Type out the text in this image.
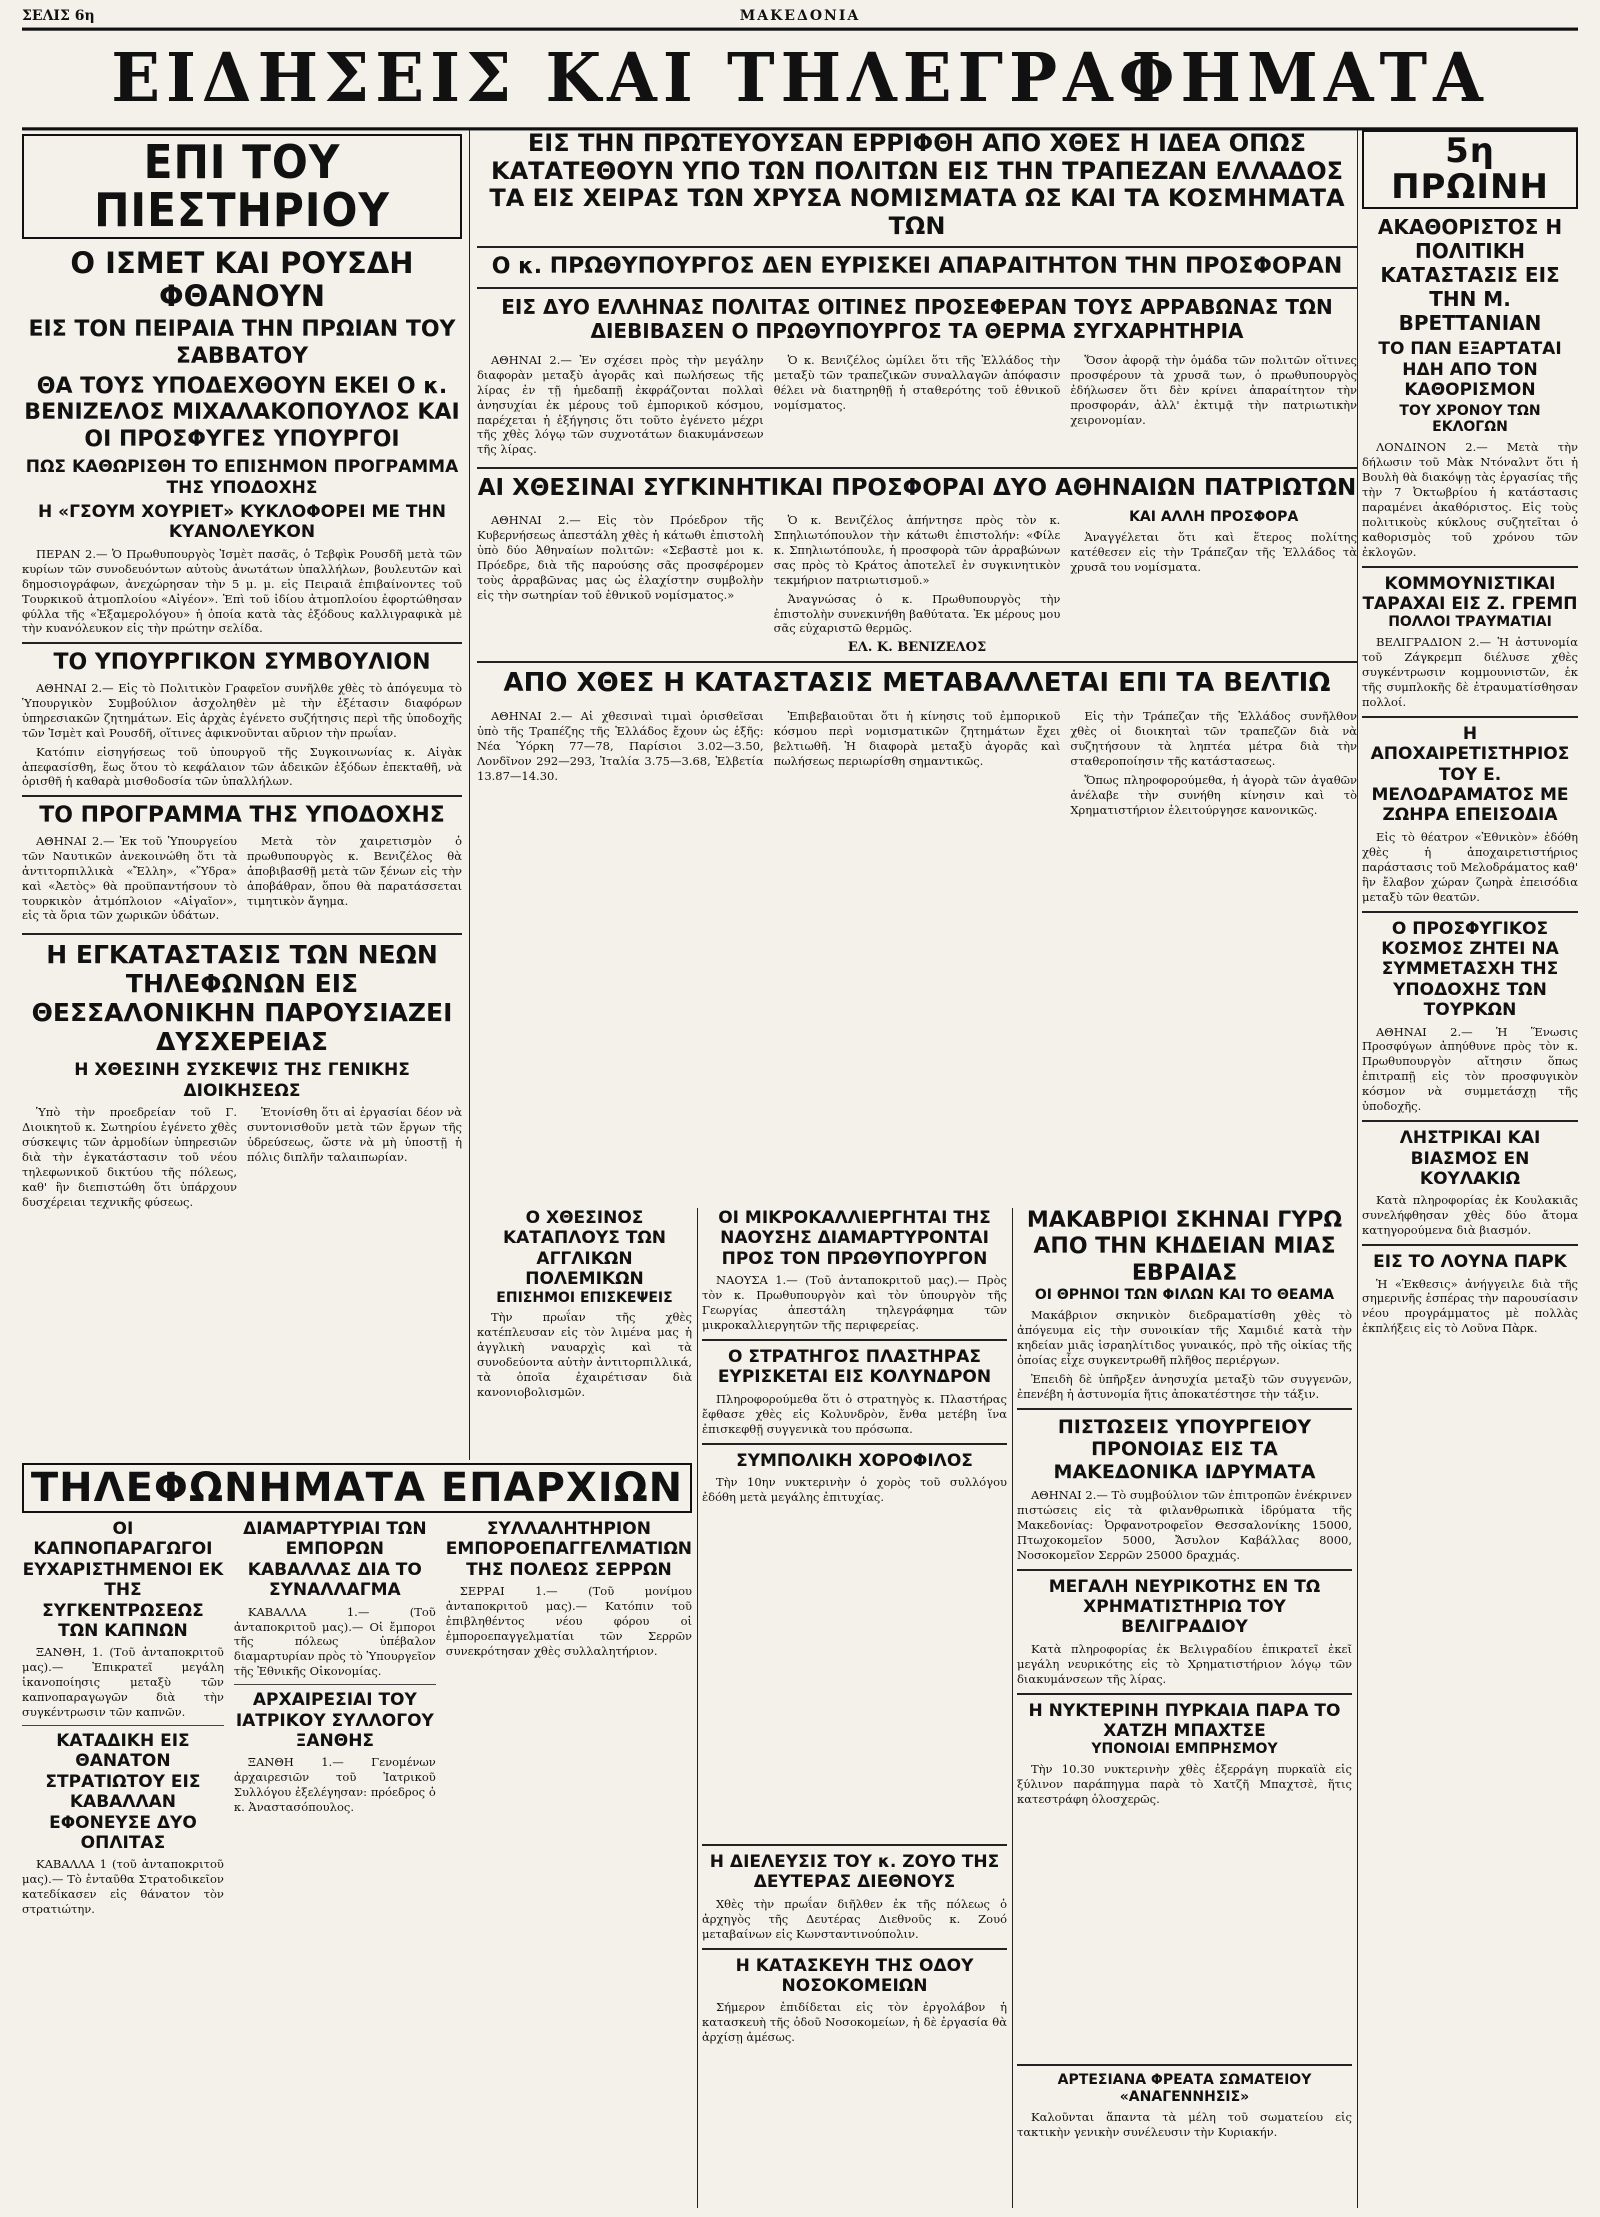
ΣΕΛΙΣ 6η	ΜΑΚΕΔΟΝΙΑ
ΕΙΔΗΣΕΙΣ ΚΑΙ ΤΗΛΕΓΡΑΦΗΜΑΤΑ
ΕΠΙ ΤΟΥ ΠΙΕΣΤΗΡΙΟΥ
Ο ΙΣΜΕΤ ΚΑΙ ΡΟΥΣΔΗ ΦΘΑΝΟΥΝ
ΕΙΣ ΤΟΝ ΠΕΙΡΑΙΑ ΤΗΝ ΠΡΩΙΑΝ ΤΟΥ ΣΑΒΒΑΤΟΥ
ΘΑ ΤΟΥΣ ΥΠΟΔΕΧΘΟΥΝ ΕΚΕΙ Ο κ. ΒΕΝΙΖΕΛΟΣ ΜΙΧΑΛΑΚΟΠΟΥΛΟΣ ΚΑΙ ΟΙ ΠΡΟΣΦΥΓΕΣ ΥΠΟΥΡΓΟΙ
ΠΩΣ ΚΑΘΩΡΙΣΘΗ ΤΟ ΕΠΙΣΗΜΟΝ ΠΡΟΓΡΑΜΜΑ ΤΗΣ ΥΠΟΔΟΧΗΣ
Η «ΓΣΟΥΜ ΧΟΥΡΙΕΤ» ΚΥΚΛΟΦΟΡΕΙ ΜΕ ΤΗΝ ΚΥΑΝΟΛΕΥΚΟΝ

ΠΕΡΑΝ 2.— Ὁ Πρωθυπουργὸς Ἰσμὲτ πασᾶς, ὁ Τεβφὶκ Ρουσδῆ μετὰ τῶν κυρίων τῶν συνοδευόντων αὐτοὺς ἀνωτάτων ὑπαλλήλων, βουλευτῶν καὶ δημοσιογράφων, ἀνεχώρησαν τὴν 5 μ. μ. εἰς Πειραιᾶ ἐπιβαίνοντες τοῦ Τουρκικοῦ ἀτμοπλοίου «Αἰγέον». Ἐπὶ τοῦ ἰδίου ἀτμοπλοίου ἐφορτώθησαν φύλλα τῆς «Ἐξαμερολόγου» ἡ ὁποία κατὰ τὰς ἐξόδους καλλιγραφικὰ μὲ τὴν κυανόλευκον εἰς τὴν πρώτην σελίδα.

ΤΟ ΥΠΟΥΡΓΙΚΟΝ ΣΥΜΒΟΥΛΙΟΝ

ΑΘΗΝΑΙ 2.— Εἰς τὸ Πολιτικὸν Γραφεῖον συνῆλθε χθὲς τὸ ἀπόγευμα τὸ Ὑπουργικὸν Συμβούλιον ἀσχοληθὲν μὲ τὴν ἐξέτασιν διαφόρων ὑπηρεσιακῶν ζητημάτων. Εἰς ἀρχὰς ἐγένετο συζήτησις περὶ τῆς ὑποδοχῆς τῶν Ἰσμὲτ καὶ Ρουσδῆ, οἵτινες ἀφικνοῦνται αὔριον τὴν πρωΐαν.

Κατόπιν εἰσηγήσεως τοῦ ὑπουργοῦ τῆς Συγκοινωνίας κ. Αἰγὰκ ἀπεφασίσθη, ἕως ὅτου τὸ κεφάλαιον τῶν ἀδεικῶν ἐξόδων ἐπεκταθῆ, νὰ ὁρισθῆ ἡ καθαρὰ μισθοδοσία τῶν ὑπαλλήλων.

ΤΟ ΠΡΟΓΡΑΜΜΑ ΤΗΣ ΥΠΟΔΟΧΗΣ

ΑΘΗΝΑΙ 2.— Ἐκ τοῦ Ὑπουργείου τῶν Ναυτικῶν ἀνεκοινώθη ὅτι τὰ ἀντιτορπιλλικὰ «Ἔλλη», «Ὕδρα» καὶ «Ἀετὸς» θὰ προϋπαντήσουν τὸ τουρκικὸν ἀτμόπλοιον «Αἰγαῖον», εἰς τὰ ὅρια τῶν χωρικῶν ὑδάτων.

Μετὰ τὸν χαιρετισμὸν ὁ πρωθυπουργὸς κ. Βενιζέλος θὰ ἀποβιβασθῇ μετὰ τῶν ξένων εἰς τὴν ἀποβάθραν, ὅπου θὰ παρατάσσεται τιμητικὸν ἄγημα.

Η ΕΓΚΑΤΑΣΤΑΣΙΣ ΤΩΝ ΝΕΩΝ ΤΗΛΕΦΩΝΩΝ ΕΙΣ ΘΕΣΣΑΛΟΝΙΚΗΝ ΠΑΡΟΥΣΙΑΖΕΙ ΔΥΣΧΕΡΕΙΑΣ
Η ΧΘΕΣΙΝΗ ΣΥΣΚΕΨΙΣ ΤΗΣ ΓΕΝΙΚΗΣ ΔΙΟΙΚΗΣΕΩΣ

Ὑπὸ τὴν προεδρείαν τοῦ Γ. Διοικητοῦ κ. Σωτηρίου ἐγένετο χθὲς σύσκεψις τῶν ἀρμοδίων ὑπηρεσιῶν διὰ τὴν ἐγκατάστασιν τοῦ νέου τηλεφωνικοῦ δικτύου τῆς πόλεως, καθ' ἣν διεπιστώθη ὅτι ὑπάρχουν δυσχέρειαι τεχνικῆς φύσεως.

Ἐτονίσθη ὅτι αἱ ἐργασίαι δέον νὰ συντονισθοῦν μετὰ τῶν ἔργων τῆς ὑδρεύσεως, ὥστε νὰ μὴ ὑποστῇ ἡ πόλις διπλῆν ταλαιπωρίαν.

ΤΗΛΕΦΩΝΗΜΑΤΑ ΕΠΑΡΧΙΩΝ
ΟΙ ΚΑΠΝΟΠΑΡΑΓΩΓΟΙ ΕΥΧΑΡΙΣΤΗΜΕΝΟΙ ΕΚ ΤΗΣ ΣΥΓΚΕΝΤΡΩΣΕΩΣ ΤΩΝ ΚΑΠΝΩΝ

ΞΑΝΘΗ, 1. (Τοῦ ἀνταποκριτοῦ μας).— Ἐπικρατεῖ μεγάλη ἱκανοποίησις μεταξὺ τῶν καπνοπαραγωγῶν διὰ τὴν συγκέντρωσιν τῶν καπνῶν.

ΚΑΤΑΔΙΚΗ ΕΙΣ ΘΑΝΑΤΟΝ ΣΤΡΑΤΙΩΤΟΥ ΕΙΣ ΚΑΒΑΛΛΑΝ
ΕΦΟΝΕΥΣΕ ΔΥΟ ΟΠΛΙΤΑΣ

ΚΑΒΑΛΛΑ 1 (τοῦ ἀνταποκριτοῦ μας).— Τὸ ἐνταῦθα Στρατοδικεῖον κατεδίκασεν εἰς θάνατον τὸν στρατιώτην.

ΔΙΑΜΑΡΤΥΡΙΑΙ ΤΩΝ ΕΜΠΟΡΩΝ ΚΑΒΑΛΛΑΣ ΔΙΑ ΤΟ ΣΥΝΑΛΛΑΓΜΑ

ΚΑΒΑΛΛΑ 1.— (Τοῦ ἀνταποκριτοῦ μας).— Οἱ ἔμποροι τῆς πόλεως ὑπέβαλον διαμαρτυρίαν πρὸς τὸ Ὑπουργεῖον τῆς Ἐθνικῆς Οἰκονομίας.

ΑΡΧΑΙΡΕΣΙΑΙ ΤΟΥ ΙΑΤΡΙΚΟΥ ΣΥΛΛΟΓΟΥ ΞΑΝΘΗΣ

ΞΑΝΘΗ 1.— Γενομένων ἀρχαιρεσιῶν τοῦ Ἰατρικοῦ Συλλόγου ἐξελέγησαν: πρόεδρος ὁ κ. Ἀναστασόπουλος.

ΣΥΛΛΑΛΗΤΗΡΙΟΝ ΕΜΠΟΡΟΕΠΑΓΓΕΛΜΑΤΙΩΝ ΤΗΣ ΠΟΛΕΩΣ ΣΕΡΡΩΝ

ΣΕΡΡΑΙ 1.— (Τοῦ μονίμου ἀνταποκριτοῦ μας).— Κατόπιν τοῦ ἐπιβληθέντος νέου φόρου οἱ ἐμποροεπαγγελματίαι τῶν Σερρῶν συνεκρότησαν χθὲς συλλαλητήριον.

ΕΙΣ ΤΗΝ ΠΡΩΤΕΥΟΥΣΑΝ ΕΡΡΙΦΘΗ ΑΠΟ ΧΘΕΣ Η ΙΔΕΑ ΟΠΩΣ ΚΑΤΑΤΕΘΟΥΝ ΥΠΟ ΤΩΝ ΠΟΛΙΤΩΝ ΕΙΣ ΤΗΝ ΤΡΑΠΕΖΑΝ ΕΛΛΑΔΟΣ ΤΑ ΕΙΣ ΧΕΙΡΑΣ ΤΩΝ ΧΡΥΣΑ ΝΟΜΙΣΜΑΤΑ ΩΣ ΚΑΙ ΤΑ ΚΟΣΜΗΜΑΤΑ ΤΩΝ
Ο κ. ΠΡΩΘΥΠΟΥΡΓΟΣ ΔΕΝ ΕΥΡΙΣΚΕΙ ΑΠΑΡΑΙΤΗΤΟΝ ΤΗΝ ΠΡΟΣΦΟΡΑΝ
ΕΙΣ ΔΥΟ ΕΛΛΗΝΑΣ ΠΟΛΙΤΑΣ ΟΙΤΙΝΕΣ ΠΡΟΣΕΦΕΡΑΝ ΤΟΥΣ ΑΡΡΑΒΩΝΑΣ ΤΩΝ ΔΙΕΒΙΒΑΣΕΝ Ο ΠΡΩΘΥΠΟΥΡΓΟΣ ΤΑ ΘΕΡΜΑ ΣΥΓΧΑΡΗΤΗΡΙΑ

ΑΘΗΝΑΙ 2.— Ἐν σχέσει πρὸς τὴν μεγάλην διαφορὰν μεταξὺ ἀγορᾶς καὶ πωλήσεως τῆς λίρας ἐν τῇ ἡμεδαπῇ ἐκφράζονται πολλαὶ ἀνησυχίαι ἐκ μέρους τοῦ ἐμπορικοῦ κόσμου, παρέχεται ἡ ἐξήγησις ὅτι τοῦτο ἐγένετο μέχρι τῆς χθὲς λόγῳ τῶν συχνοτάτων διακυμάνσεων τῆς λίρας.

Ὁ κ. Βενιζέλος ὡμίλει ὅτι τῆς Ἑλλάδος τὴν μεταξὺ τῶν τραπεζικῶν συναλλαγῶν ἀπόφασιν θέλει νὰ διατηρηθῇ ἡ σταθερότης τοῦ ἐθνικοῦ νομίσματος.

Ὅσον ἀφορᾷ τὴν ὁμάδα τῶν πολιτῶν οἵτινες προσφέρουν τὰ χρυσᾶ των, ὁ πρωθυπουργὸς ἐδήλωσεν ὅτι δὲν κρίνει ἀπαραίτητον τὴν προσφοράν, ἀλλ' ἐκτιμᾷ τὴν πατριωτικὴν χειρονομίαν.

ΑΙ ΧΘΕΣΙΝΑΙ ΣΥΓΚΙΝΗΤΙΚΑΙ ΠΡΟΣΦΟΡΑΙ ΔΥΟ ΑΘΗΝΑΙΩΝ ΠΑΤΡΙΩΤΩΝ

ΑΘΗΝΑΙ 2.— Εἰς τὸν Πρόεδρον τῆς Κυβερνήσεως ἀπεστάλη χθὲς ἡ κάτωθι ἐπιστολὴ ὑπὸ δύο Ἀθηναίων πολιτῶν: «Σεβαστὲ μοι κ. Πρόεδρε, διὰ τῆς παρούσης σᾶς προσφέρομεν τοὺς ἀρραβῶνας μας ὡς ἐλαχίστην συμβολὴν εἰς τὴν σωτηρίαν τοῦ ἐθνικοῦ νομίσματος.»

Ὁ κ. Βενιζέλος ἀπήντησε πρὸς τὸν κ. Σπηλιωτόπουλον τὴν κάτωθι ἐπιστολήν: «Φίλε κ. Σπηλιωτόπουλε, ἡ προσφορὰ τῶν ἀρραβώνων σας πρὸς τὸ Κράτος ἀποτελεῖ ἐν συγκινητικὸν τεκμήριον πατριωτισμοῦ.»

Ἀναγνώσας ὁ κ. Πρωθυπουργὸς τὴν ἐπιστολὴν συνεκινήθη βαθύτατα. Ἐκ μέρους μου σᾶς εὐχαριστῶ θερμῶς.

ΕΛ. Κ. ΒΕΝΙΖΕΛΟΣ
ΚΑΙ ΑΛΛΗ ΠΡΟΣΦΟΡΑ

Ἀναγγέλεται ὅτι καὶ ἕτερος πολίτης κατέθεσεν εἰς τὴν Τράπεζαν τῆς Ἑλλάδος τὰ χρυσᾶ του νομίσματα.

ΑΠΟ ΧΘΕΣ Η ΚΑΤΑΣΤΑΣΙΣ ΜΕΤΑΒΑΛΛΕΤΑΙ ΕΠΙ ΤΑ ΒΕΛΤΙΩ

ΑΘΗΝΑΙ 2.— Αἱ χθεσιναὶ τιμαὶ ὁρισθεῖσαι ὑπὸ τῆς Τραπέζης τῆς Ἑλλάδος ἔχουν ὡς ἑξῆς: Νέα Ὑόρκη 77—78, Παρίσιοι 3.02—3.50, Λονδῖνον 292—293, Ἰταλία 3.75—3.68, Ἑλβετία 13.87—14.30.

Ἐπιβεβαιοῦται ὅτι ἡ κίνησις τοῦ ἐμπορικοῦ κόσμου περὶ νομισματικῶν ζητημάτων ἔχει βελτιωθῆ. Ἡ διαφορὰ μεταξὺ ἀγορᾶς καὶ πωλήσεως περιωρίσθη σημαντικῶς.

Εἰς τὴν Τράπεζαν τῆς Ἑλλάδος συνῆλθον χθὲς οἱ διοικηταὶ τῶν τραπεζῶν διὰ νὰ συζητήσουν τὰ ληπτέα μέτρα διὰ τὴν σταθεροποίησιν τῆς κατάστασεως.

Ὅπως πληροφορούμεθα, ἡ ἀγορὰ τῶν ἀγαθῶν ἀνέλαβε τὴν συνήθη κίνησιν καὶ τὸ Χρηματιστήριον ἐλειτούργησε κανονικῶς.

ΟΙ ΜΙΚΡΟΚΑΛΛΙΕΡΓΗΤΑΙ ΤΗΣ ΝΑΟΥΣΗΣ ΔΙΑΜΑΡΤΥΡΟΝΤΑΙ ΠΡΟΣ ΤΟΝ ΠΡΩΘΥΠΟΥΡΓΟΝ

ΝΑΟΥΣΑ 1.— (Τοῦ ἀνταποκριτοῦ μας).— Πρὸς τὸν κ. Πρωθυπουργὸν καὶ τὸν ὑπουργὸν τῆς Γεωργίας ἀπεστάλη τηλεγράφημα τῶν μικροκαλλιεργητῶν τῆς περιφερείας.

Ο ΣΤΡΑΤΗΓΟΣ ΠΛΑΣΤΗΡΑΣ ΕΥΡΙΣΚΕΤΑΙ ΕΙΣ ΚΟΛΥΝΔΡΟΝ

Πληροφορούμεθα ὅτι ὁ στρατηγὸς κ. Πλαστήρας ἔφθασε χθὲς εἰς Κολυνδρὸν, ἔνθα μετέβη ἵνα ἐπισκεφθῇ συγγενικὰ του πρόσωπα.

ΣΥΜΠΟΛΙΚΗ ΧΟΡΟΦΙΛΟΣ

Τὴν 10ην νυκτερινὴν ὁ χορὸς τοῦ συλλόγου ἐδόθη μετὰ μεγάλης ἐπιτυχίας.

ΜΑΚΑΒΡΙΟΙ ΣΚΗΝΑΙ ΓΥΡΩ ΑΠΟ ΤΗΝ ΚΗΔΕΙΑΝ ΜΙΑΣ ΕΒΡΑΙΑΣ
ΟΙ ΘΡΗΝΟΙ ΤΩΝ ΦΙΛΩΝ ΚΑΙ ΤΟ ΘΕΑΜΑ

Μακάβριον σκηνικὸν διεδραματίσθη χθὲς τὸ ἀπόγευμα εἰς τὴν συνοικίαν τῆς Χαμιδιέ κατὰ τὴν κηδείαν μιᾶς ἰσραηλίτιδος γυναικός, πρὸ τῆς οἰκίας τῆς ὁποίας εἶχε συγκεντρωθῆ πλῆθος περιέργων.

Ἐπειδὴ δὲ ὑπῆρξεν ἀνησυχία μεταξὺ τῶν συγγενῶν, ἐπενέβη ἡ ἀστυνομία ἥτις ἀποκατέστησε τὴν τάξιν.

ΠΙΣΤΩΣΕΙΣ ΥΠΟΥΡΓΕΙΟΥ ΠΡΟΝΟΙΑΣ ΕΙΣ ΤΑ ΜΑΚΕΔΟΝΙΚΑ ΙΔΡΥΜΑΤΑ

ΑΘΗΝΑΙ 2.— Τὸ συμβούλιον τῶν ἐπιτροπῶν ἐνέκρινεν πιστώσεις εἰς τὰ φιλανθρωπικὰ ἱδρύματα τῆς Μακεδονίας: Ὀρφανοτροφεῖον Θεσσαλονίκης 15000, Πτωχοκομεῖον 5000, Ἄσυλον Καβάλλας 8000, Νοσοκομεῖον Σερρῶν 25000 δραχμάς.

ΜΕΓΑΛΗ ΝΕΥΡΙΚΟΤΗΣ ΕΝ ΤΩ ΧΡΗΜΑΤΙΣΤΗΡΙΩ ΤΟΥ ΒΕΛΙΓΡΑΔΙΟΥ

Κατὰ πληροφορίας ἐκ Βελιγραδίου ἐπικρατεῖ ἐκεῖ μεγάλη νευρικότης εἰς τὸ Χρηματιστήριον λόγῳ τῶν διακυμάνσεων τῆς λίρας.

Η ΝΥΚΤΕΡΙΝΗ ΠΥΡΚΑΙΑ ΠΑΡΑ ΤΟ ΧΑΤΖΗ ΜΠΑΧΤΣΕ
ΥΠΟΝΟΙΑΙ ΕΜΠΡΗΣΜΟΥ

Τὴν 10.30 νυκτερινὴν χθὲς ἐξερράγη πυρκαϊὰ εἰς ξύλινον παράπηγμα παρὰ τὸ Χατζῆ Μπαχτσὲ, ἥτις κατεστράφη ὁλοσχερῶς.

5η ΠΡΩΙΝΗ
ΑΚΑΘΟΡΙΣΤΟΣ Η ΠΟΛΙΤΙΚΗ ΚΑΤΑΣΤΑΣΙΣ ΕΙΣ ΤΗΝ Μ. ΒΡΕΤΤΑΝΙΑΝ
ΤΟ ΠΑΝ ΕΞΑΡΤΑΤΑΙ ΗΔΗ ΑΠΟ ΤΟΝ ΚΑΘΟΡΙΣΜΟΝ
ΤΟΥ ΧΡΟΝΟΥ ΤΩΝ ΕΚΛΟΓΩΝ

ΛΟΝΔΙΝΟΝ 2.— Μετὰ τὴν δήλωσιν τοῦ Μὰκ Ντόναλντ ὅτι ἡ Βουλὴ θὰ διακόψῃ τὰς ἐργασίας τῆς τὴν 7 Ὀκτωβρίου ἡ κατάστασις παραμένει ἀκαθόριστος. Εἰς τοὺς πολιτικοὺς κύκλους συζητεῖται ὁ καθορισμὸς τοῦ χρόνου τῶν ἐκλογῶν.

ΚΟΜΜΟΥΝΙΣΤΙΚΑΙ ΤΑΡΑΧΑΙ ΕΙΣ Ζ. ΓΡΕΜΠ
ΠΟΛΛΟΙ ΤΡΑΥΜΑΤΙΑΙ

ΒΕΛΙΓΡΑΔΙΟΝ 2.— Ἡ ἀστυνομία τοῦ Ζάγκρεμπ διέλυσε χθὲς συγκέντρωσιν κομμουνιστῶν, ἐκ τῆς συμπλοκῆς δὲ ἐτραυματίσθησαν πολλοί.

Η ΑΠΟΧΑΙΡΕΤΙΣΤΗΡΙΟΣ ΤΟΥ Ε. ΜΕΛΟΔΡΑΜΑΤΟΣ ΜΕ ΖΩΗΡΑ ΕΠΕΙΣΟΔΙΑ

Εἰς τὸ θέατρον «Ἐθνικὸν» ἐδόθη χθὲς ἡ ἀποχαιρετιστήριος παράστασις τοῦ Μελοδράματος καθ' ἣν ἔλαβον χώραν ζωηρὰ ἐπεισόδια μεταξὺ τῶν θεατῶν.

Ο ΠΡΟΣΦΥΓΙΚΟΣ ΚΟΣΜΟΣ ΖΗΤΕΙ ΝΑ ΣΥΜΜΕΤΑΣΧΗ ΤΗΣ ΥΠΟΔΟΧΗΣ ΤΩΝ ΤΟΥΡΚΩΝ

ΑΘΗΝΑΙ 2.— Ἡ Ἕνωσις Προσφύγων ἀπηύθυνε πρὸς τὸν κ. Πρωθυπουργὸν αἴτησιν ὅπως ἐπιτραπῇ εἰς τὸν προσφυγικὸν κόσμον νὰ συμμετάσχῃ τῆς ὑποδοχῆς.

ΛΗΣΤΡΙΚΑΙ ΚΑΙ ΒΙΑΣΜΟΣ ΕΝ ΚΟΥΛΑΚΙΩ

Κατὰ πληροφορίας ἐκ Κουλακιᾶς συνελήφθησαν χθὲς δύο ἄτομα κατηγορούμενα διὰ βιασμόν.

ΕΙΣ ΤΟ ΛΟΥΝΑ ΠΑΡΚ

Ἡ «Ἐκθεσις» ἀνήγγειλε διὰ τῆς σημερινῆς ἑσπέρας τὴν παρουσίασιν νέου προγράμματος μὲ πολλὰς ἐκπλήξεις εἰς τὸ Λοῦνα Πὰρκ.

Ο ΧΘΕΣΙΝΟΣ ΚΑΤΑΠΛΟΥΣ ΤΩΝ ΑΓΓΛΙΚΩΝ ΠΟΛΕΜΙΚΩΝ
ΕΠΙΣΗΜΟΙ ΕΠΙΣΚΕΨΕΙΣ

Τὴν πρωΐαν τῆς χθὲς κατέπλευσαν εἰς τὸν λιμένα μας ἡ ἀγγλικὴ ναυαρχὶς καὶ τὰ συνοδεύοντα αὐτὴν ἀντιτορπιλλικά, τὰ ὁποῖα ἐχαιρέτισαν διὰ κανονιοβολισμῶν.

Η ΔΙΕΛΕΥΣΙΣ ΤΟΥ κ. ΖΟΥΟ ΤΗΣ ΔΕΥΤΕΡΑΣ ΔΙΕΘΝΟΥΣ

Χθὲς τὴν πρωΐαν διῆλθεν ἐκ τῆς πόλεως ὁ ἀρχηγὸς τῆς Δευτέρας Διεθνοῦς κ. Ζουό μεταβαίνων εἰς Κωνσταντινούπολιν.

Η ΚΑΤΑΣΚΕΥΗ ΤΗΣ ΟΔΟΥ ΝΟΣΟΚΟΜΕΙΩΝ

Σήμερον ἐπιδίδεται εἰς τὸν ἐργολάβον ἡ κατασκευὴ τῆς ὁδοῦ Νοσοκομείων, ἡ δὲ ἐργασία θὰ ἀρχίσῃ ἀμέσως.

ΑΡΤΕΣΙΑΝΑ ΦΡΕΑΤΑ ΣΩΜΑΤΕΙΟΥ «ΑΝΑΓΕΝΝΗΣΙΣ»

Καλοῦνται ἅπαντα τὰ μέλη τοῦ σωματείου εἰς τακτικὴν γενικὴν συνέλευσιν τὴν Κυριακήν.
